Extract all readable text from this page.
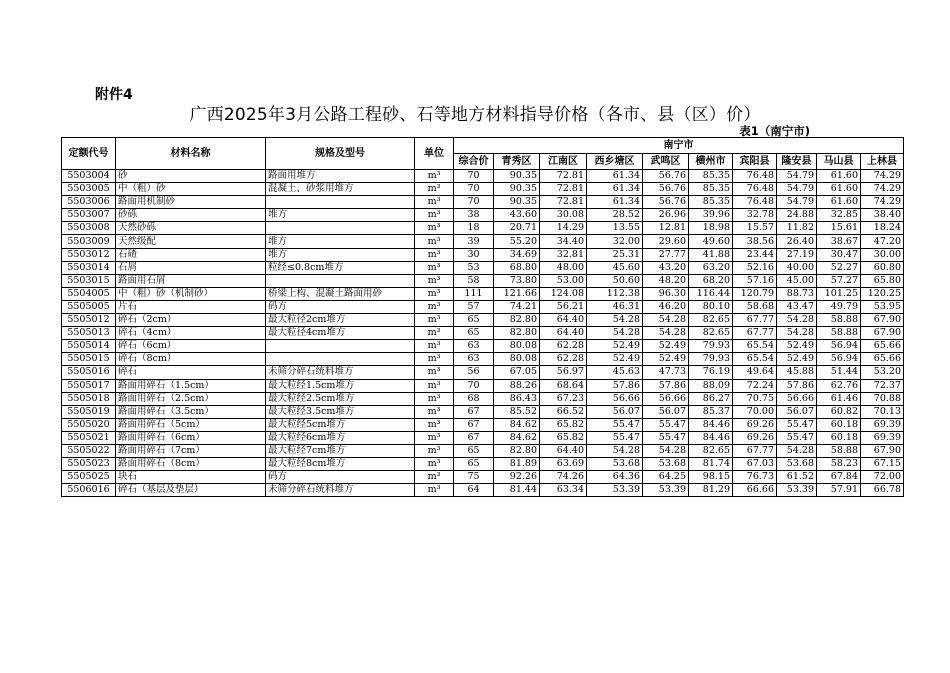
附件4
广西2025年3月公路工程砂、石等地方材料指导价格（各市、县（区）价）
表1（南宁市)
定额代号	材料名称	规格及型号	单位	南宁市									
				综合价	青秀区	江南区	西乡塘区	武鸣区	横州市	宾阳县	隆安县	马山县	上林县
5503004	砂	路面用堆方	m³	70	90.35	72.81	61.34	56.76	85.35	76.48	54.79	61.60	74.29
5503005	中（粗）砂	混凝土、砂浆用堆方	m³	70	90.35	72.81	61.34	56.76	85.35	76.48	54.79	61.60	74.29
5503006	路面用机制砂		m³	70	90.35	72.81	61.34	56.76	85.35	76.48	54.79	61.60	74.29
5503007	砂砾	堆方	m³	38	43.60	30.08	28.52	26.96	39.96	32.78	24.88	32.85	38.40
5503008	天然砂砾		m³	18	20.71	14.29	13.55	12.81	18.98	15.57	11.82	15.61	18.24
5503009	天然级配	堆方	m³	39	55.20	34.40	32.00	29.60	49.60	38.56	26.40	38.67	47.20
5503012	石碴	堆方	m³	30	34.69	32.81	25.31	27.77	41.88	23.44	27.19	30.47	30.00
5503014	石屑	粒经≤0.8cm堆方	m³	53	68.80	48.00	45.60	43.20	63.20	52.16	40.00	52.27	60.80
5503015	路面用石屑		m³	58	73.80	53.00	50.60	48.20	68.20	57.16	45.00	57.27	65.80
5504005	中（粗）砂（机制砂）	桥梁上构、混凝土路面用砂	m³	111	121.66	124.08	112.38	96.30	116.44	120.79	88.73	101.25	120.25
5505005	片石	码方	m³	57	74.21	56.21	46.31	46.20	80.10	58.68	43.47	49.79	53.95
5505012	碎石（2cm）	最大粒径2cm堆方	m³	65	82.80	64.40	54.28	54.28	82.65	67.77	54.28	58.88	67.90
5505013	碎石（4cm）	最大粒径4cm堆方	m³	65	82.80	64.40	54.28	54.28	82.65	67.77	54.28	58.88	67.90
5505014	碎石（6cm）		m³	63	80.08	62.28	52.49	52.49	79.93	65.54	52.49	56.94	65.66
5505015	碎石（8cm）		m³	63	80.08	62.28	52.49	52.49	79.93	65.54	52.49	56.94	65.66
5505016	碎石	未筛分碎石统料堆方	m³	56	67.05	56.97	45.63	47.73	76.19	49.64	45.88	51.44	53.20
5505017	路面用碎石（1.5cm）	最大粒经1.5cm堆方	m³	70	88.26	68.64	57.86	57.86	88.09	72.24	57.86	62.76	72.37
5505018	路面用碎石（2.5cm）	最大粒经2.5cm堆方	m³	68	86.43	67.23	56.66	56.66	86.27	70.75	56.66	61.46	70.88
5505019	路面用碎石（3.5cm）	最大粒经3.5cm堆方	m³	67	85.52	66.52	56.07	56.07	85.37	70.00	56.07	60.82	70.13
5505020	路面用碎石（5cm）	最大粒经5cm堆方	m³	67	84.62	65.82	55.47	55.47	84.46	69.26	55.47	60.18	69.39
5505021	路面用碎石（6cm）	最大粒经6cm堆方	m³	67	84.62	65.82	55.47	55.47	84.46	69.26	55.47	60.18	69.39
5505022	路面用碎石（7cm）	最大粒经7cm堆方	m³	65	82.80	64.40	54.28	54.28	82.65	67.77	54.28	58.88	67.90
5505023	路面用碎石（8cm）	最大粒经8cm堆方	m³	65	81.89	63.69	53.68	53.68	81.74	67.03	53.68	58.23	67.15
5505025	块石	码方	m³	75	92.26	74.26	64.36	64.25	98.15	76.73	61.52	67.84	72.00
5506016	碎石（基层及垫层）	未筛分碎石统料堆方	m³	64	81.44	63.34	53.39	53.39	81.29	66.66	53.39	57.91	66.78
